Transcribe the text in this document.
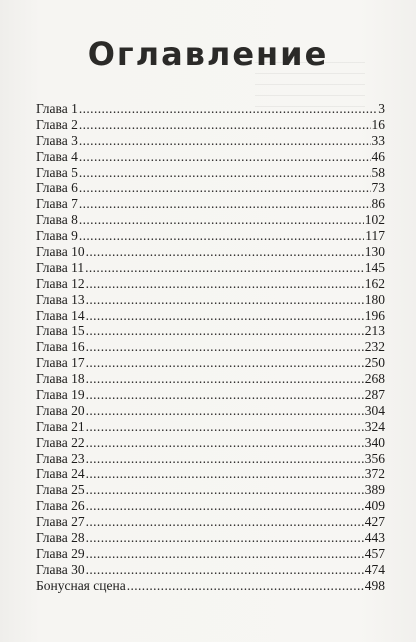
Оглавление
Глава 1 .....	3
Глава 2 .....	16
Глава 3 .....	33
Глава 4 .....	46
Глава 5 .....	58
Глава 6 .....	73
Глава 7 .....	86
Глава 8 .....	102
Глава 9 .....	117
Глава 10 .....	130
Глава 11 .....	145
Глава 12 .....	162
Глава 13 .....	180
Глава 14 .....	196
Глава 15 .....	213
Глава 16 .....	232
Глава 17 .....	250
Глава 18 .....	268
Глава 19 .....	287
Глава 20 .....	304
Глава 21 .....	324
Глава 22 .....	340
Глава 23 .....	356
Глава 24 .....	372
Глава 25 .....	389
Глава 26 .....	409
Глава 27 .....	427
Глава 28 .....	443
Глава 29 .....	457
Глава 30 .....	474
Бонусная сцена .....	498
